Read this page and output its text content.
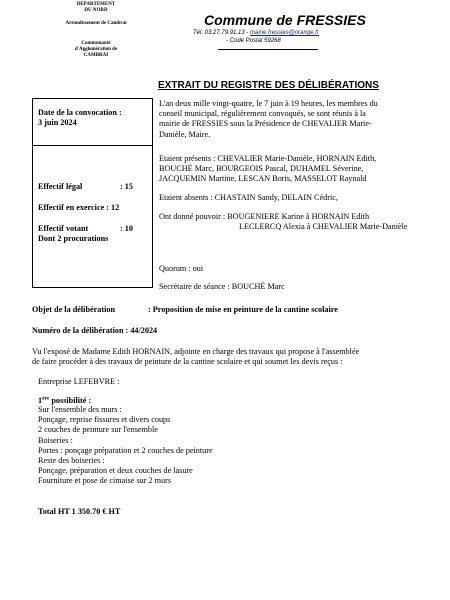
DEPARTEMENT
DU NORD
Arrondissement de Cambrai
Communauté
d'Agglomération de
CAMBRAI
Commune de FRESSIES
Tél. 03.27.79.91.13 - mairie.fressies@orange.fr
- Code Postal 59268
EXTRAIT DU REGISTRE DES DÉLIBÉRATIONS
Date de la convocation :
3 juin 2024
Effectif légal	: 15
Effectif en exercice : 12
Effectif votant	: 10
Dont 2 procurations
L'an deux mille vingt-quatre, le 7 juin à 19 heures, les membres du
conseil municipal, régulièrement convoqués, se sont réunis à la
mairie de FRESSIES sous la Présidence de CHEVALIER Marie-
Danièle, Maire.
Etaient présents : CHEVALIER Marie-Danièle, HORNAIN Edith,
BOUCHÉ Marc, BOURGEOIS Pascal, DUHAMEL Séverine,
JACQUEMIN Martine, LESCAN Boris, MASSELOT Raynald
Etaient absents : CHASTAIN Sandy, DELAIN Cédric,
Ont donné pouvoir : BOUGENIERE Karine à HORNAIN Edith
LECLERCQ Alexia à CHEVALIER Marie-Danièle
Quorum : oui
Secrétaire de séance : BOUCHÉ Marc
Objet de la délibération	: Proposition de mise en peinture de la cantine scolaire
Numéro de la délibération : 44/2024
Vu l'exposé de Madame Edith HORNAIN, adjointe en charge des travaux qui propose à l'assemblée
de faire procéder à des travaux de peinture de la cantine scolaire et qui soumet les devis reçus :
Entreprise LEFEBVRE :
1ère possibilité :
Sur l'ensemble des murs :
Ponçage, reprise fissures et divers coups
2 couches de peinture sur l'ensemble
Boiseries :
Portes : ponçage préparation et 2 couches de peinture
Reste des boiseries :
Ponçage, préparation et deux couches de lasure
Fourniture et pose de cimaise sur 2 murs
Total HT 1 350.70 € HT
